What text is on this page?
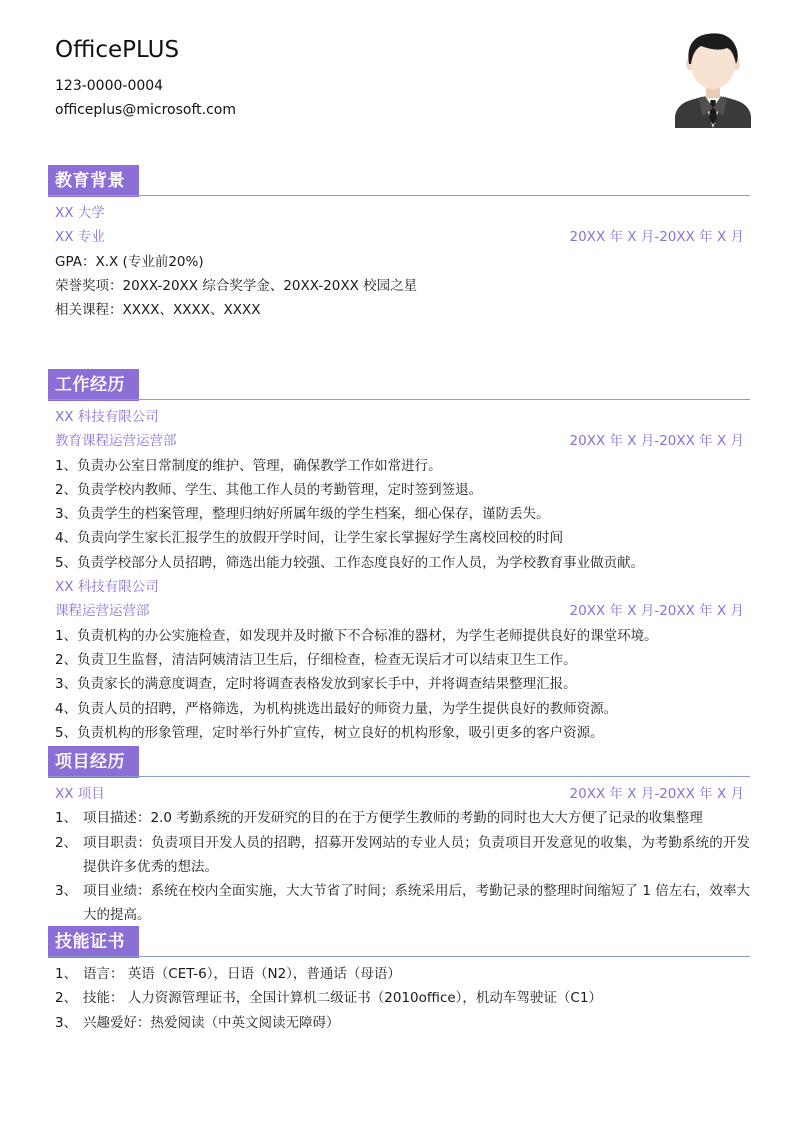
OfficePLUS
123-0000-0004
officeplus@microsoft.com
教育背景
XX 大学
XX 专业	20XX 年 X 月-20XX 年 X 月
GPA：X.X (专业前20%)
荣誉奖项：20XX-20XX 综合奖学金、20XX-20XX 校园之星
相关课程：XXXX、XXXX、XXXX
工作经历
XX 科技有限公司
教育课程运营运营部	20XX 年 X 月-20XX 年 X 月
1、 负责办公室日常制度的维护、管理，确保教学工作如常进行。
2、 负责学校内教师、学生、其他工作人员的考勤管理，定时签到签退。
3、 负责学生的档案管理，整理归纳好所属年级的学生档案，细心保存，谨防丢失。
4、 负责向学生家长汇报学生的放假开学时间，让学生家长掌握好学生离校回校的时间
5、 负责学校部分人员招聘，筛选出能力较强、工作态度良好的工作人员，为学校教育事业做贡献。
XX 科技有限公司
课程运营运营部	20XX 年 X 月-20XX 年 X 月
1、 负责机构的办公实施检查，如发现并及时撤下不合标准的器材，为学生老师提供良好的课堂环境。
2、 负责卫生监督，清洁阿姨清洁卫生后，仔细检查，检查无误后才可以结束卫生工作。
3、 负责家长的满意度调查，定时将调查表格发放到家长手中，并将调查结果整理汇报。
4、 负责人员的招聘，严格筛选，为机构挑选出最好的师资力量，为学生提供良好的教师资源。
5、 负责机构的形象管理，定时举行外扩宣传，树立良好的机构形象，吸引更多的客户资源。
项目经历
XX 项目	20XX 年 X 月-20XX 年 X 月
1、 项目描述：2.0 考勤系统的开发研究的目的在于方便学生教师的考勤的同时也大大方便了记录的收集整理
2、 项目职责：负责项目开发人员的招聘，招募开发网站的专业人员；负责项目开发意见的收集，为考勤系统的开发提供许多优秀的想法。
3、 项目业绩：系统在校内全面实施，大大节省了时间；系统采用后，考勤记录的整理时间缩短了 1 倍左右，效率大大的提高。
技能证书
1、 语言： 英语（CET-6），日语（N2），普通话（母语）
2、 技能： 人力资源管理证书，全国计算机二级证书（2010office），机动车驾驶证（C1）
3、 兴趣爱好：热爱阅读（中英文阅读无障碍）
